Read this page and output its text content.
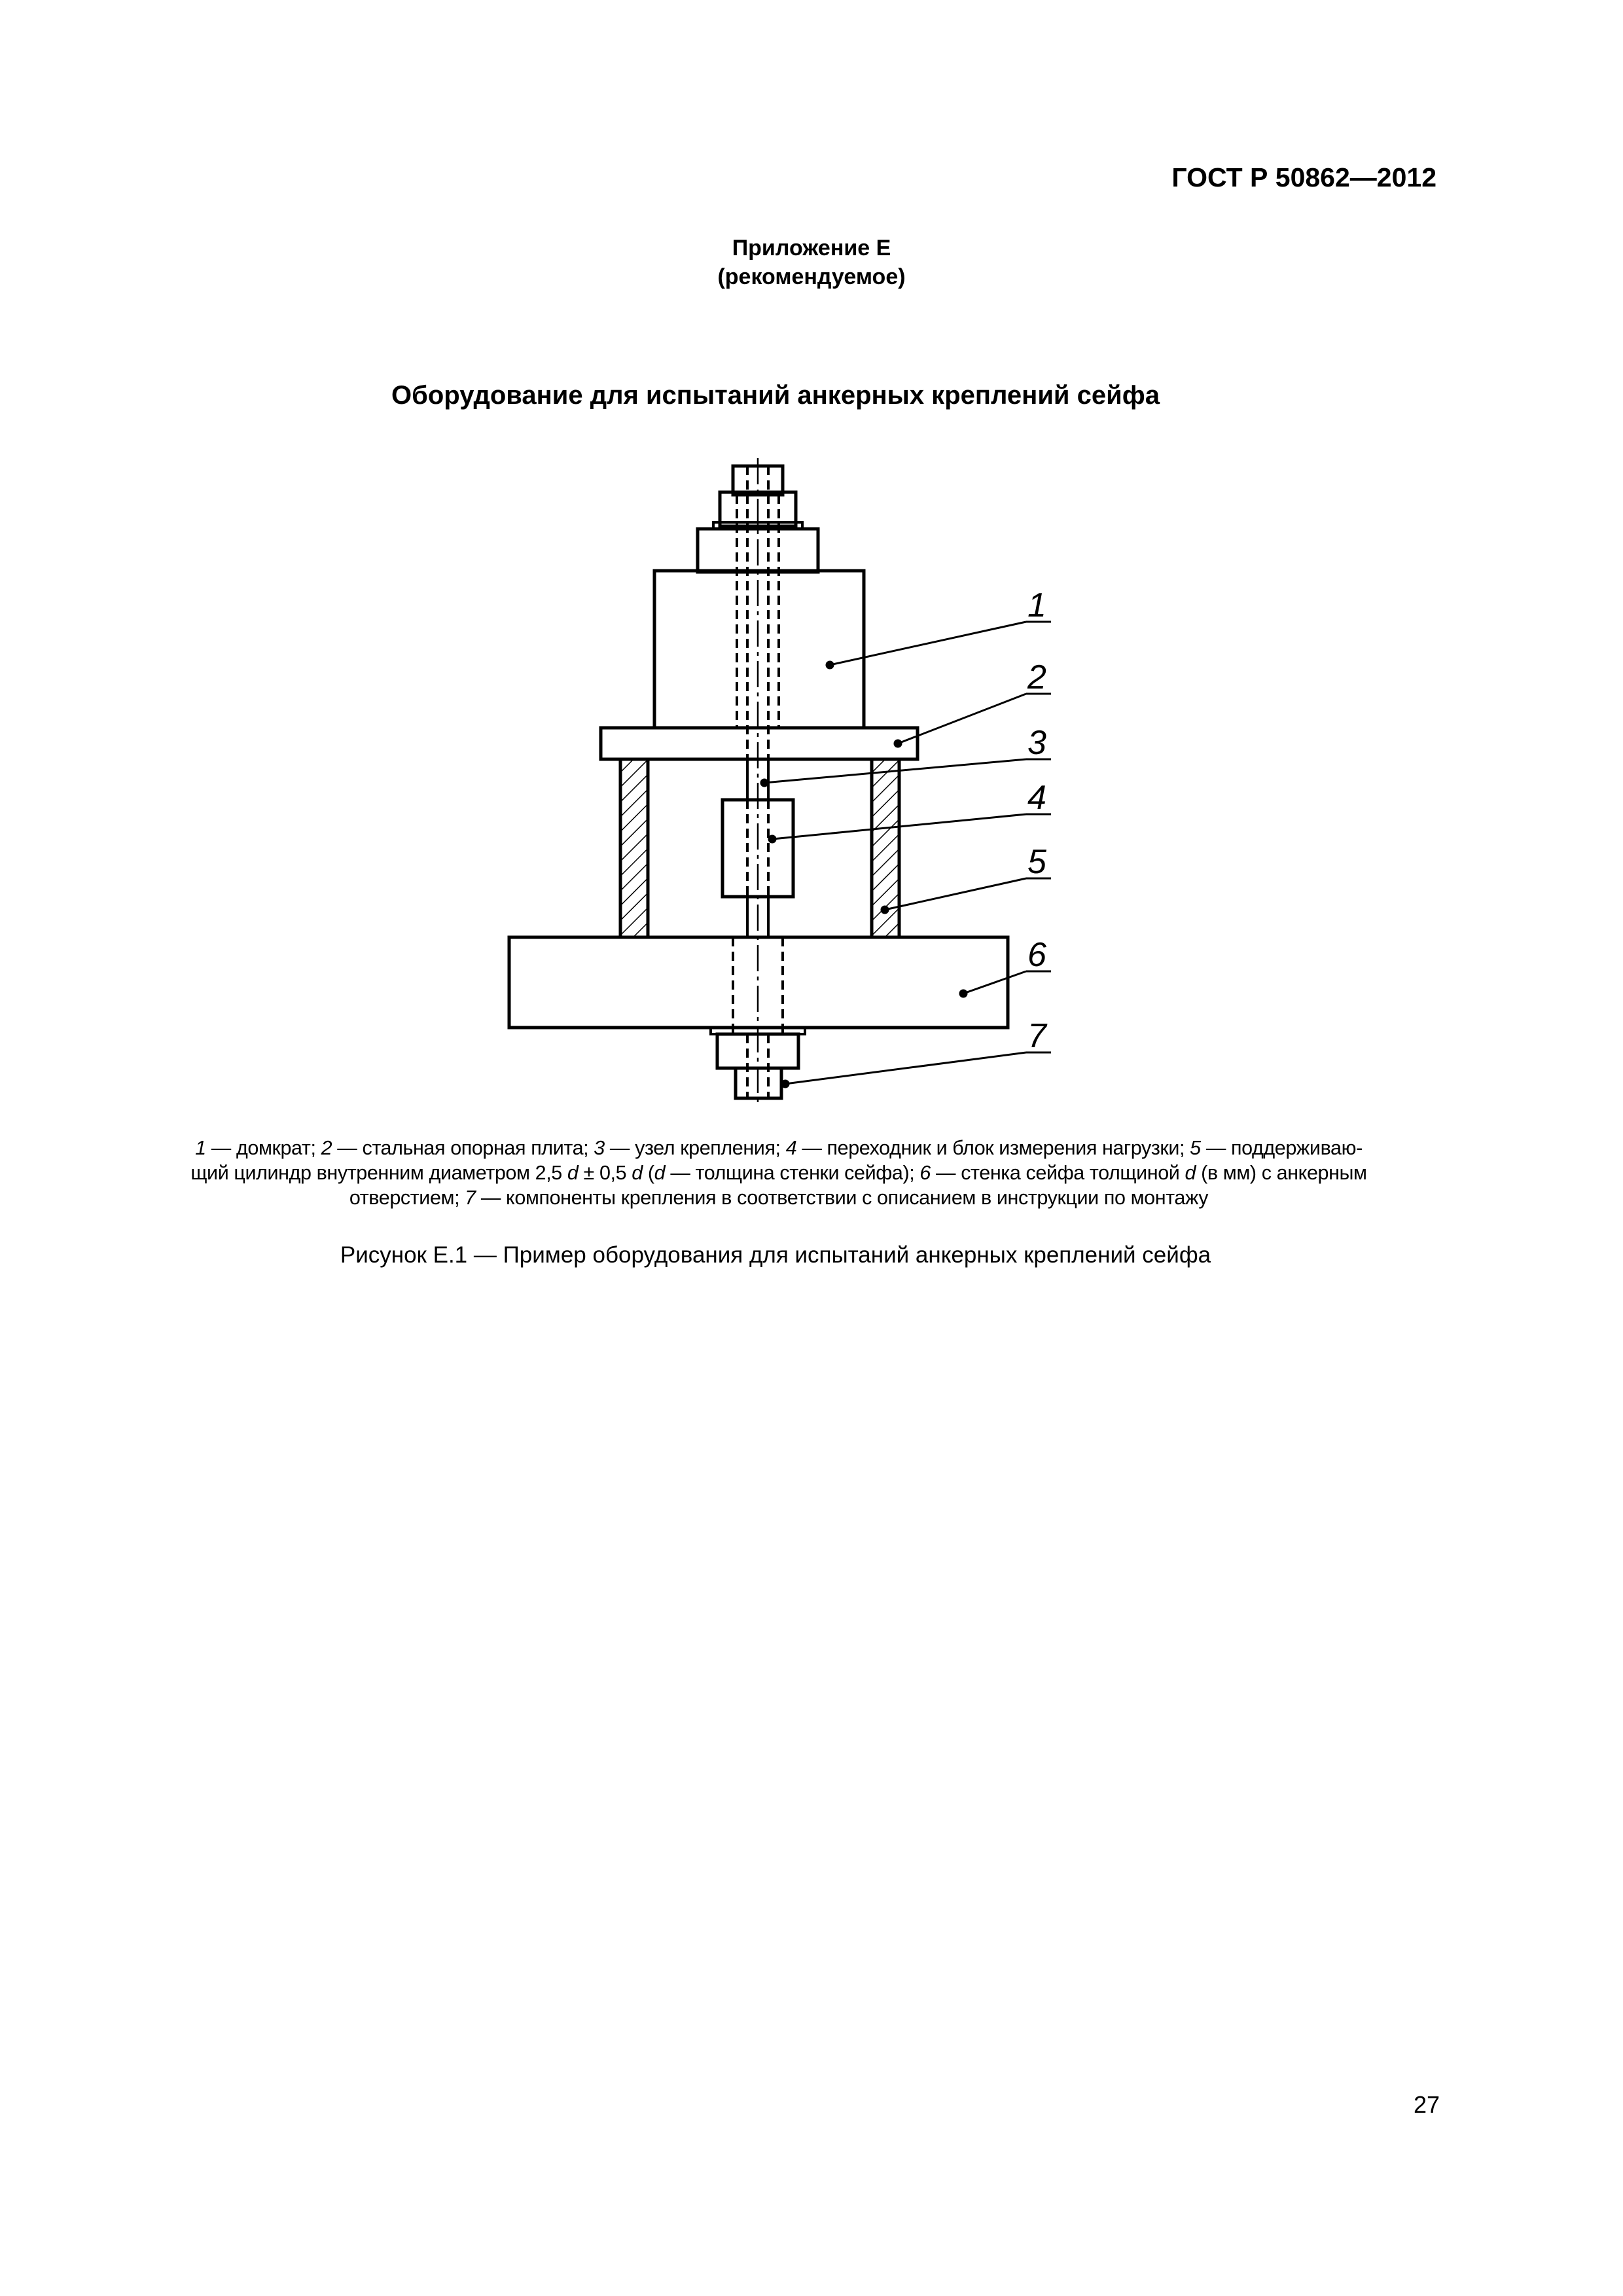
ГОСТ Р 50862—2012
Приложение Е
(рекомендуемое)
Оборудование для испытаний анкерных креплений сейфа
1
2
3
4
5
6
7
1 — домкрат; 2 — стальная опорная плита; 3 — узел крепления; 4 — переходник и блок измерения нагрузки; 5 — поддерживаю-
щий цилиндр внутренним диаметром 2,5 d ± 0,5 d (d — толщина стенки сейфа); 6 — стенка сейфа толщиной d (в мм) с анкерным
отверстием; 7 — компоненты крепления в соответствии с описанием в инструкции по монтажу
Рисунок Е.1 — Пример оборудования для испытаний анкерных креплений сейфа
27
